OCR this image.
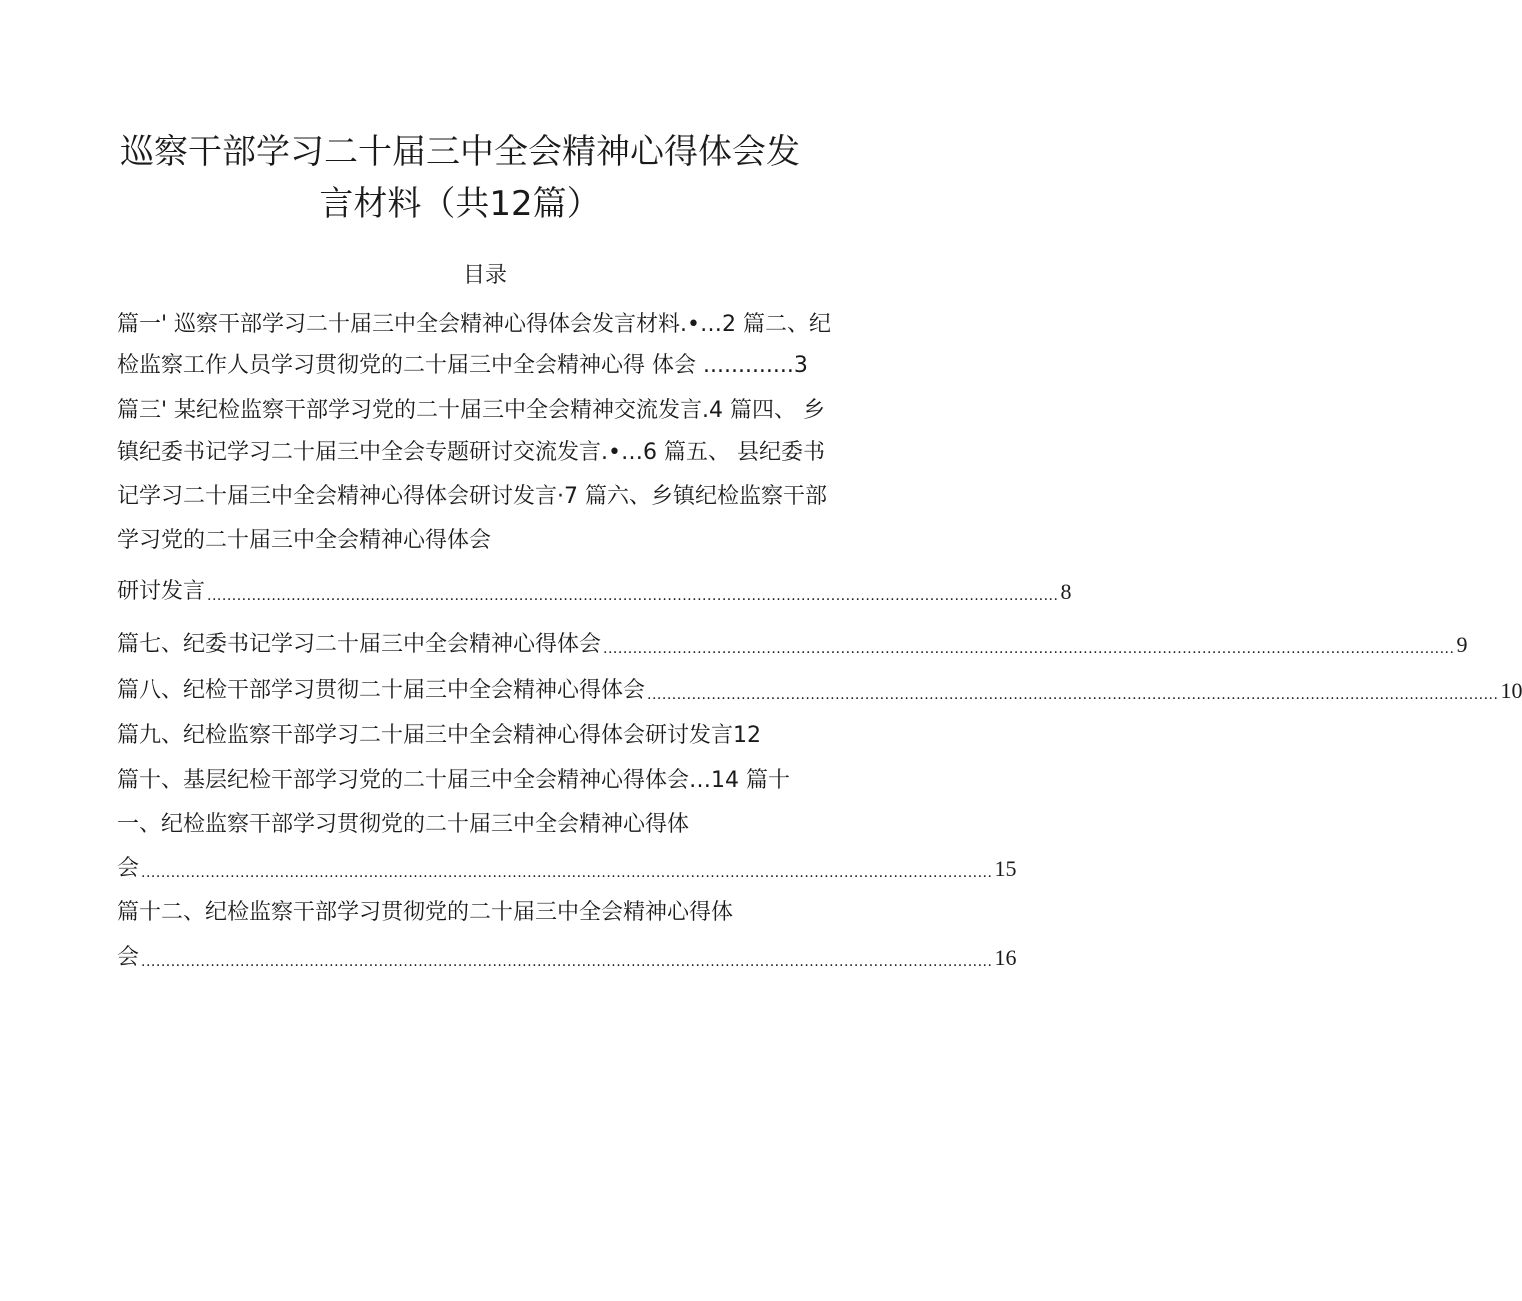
巡察干部学习二十届三中全会精神心得体会发
言材料（共12篇）
目录
篇一' 巡察干部学习二十届三中全会精神心得体会发言材料.•…2 篇二、纪
检监察工作人员学习贯彻党的二十届三中全会精神心得 体会 .............3
篇三' 某纪检监察干部学习党的二十届三中全会精神交流发言.4 篇四、 乡
镇纪委书记学习二十届三中全会专题研讨交流发言.•…6 篇五、 县纪委书
记学习二十届三中全会精神心得体会研讨发言·7 篇六、乡镇纪检监察干部
学习党的二十届三中全会精神心得体会
研讨发言 ............................................................................................................................................................................ 8
篇七、纪委书记学习二十届三中全会精神心得体会 ............................................................................................................................................................................ 9
篇八、纪检干部学习贯彻二十届三中全会精神心得体会 ............................................................................................................................................................................ 10
篇九、纪检监察干部学习二十届三中全会精神心得体会研讨发言12
篇十、基层纪检干部学习党的二十届三中全会精神心得体会…14 篇十
一、纪检监察干部学习贯彻党的二十届三中全会精神心得体
会 ............................................................................................................................................................................ 15
篇十二、纪检监察干部学习贯彻党的二十届三中全会精神心得体
会 ............................................................................................................................................................................ 16
